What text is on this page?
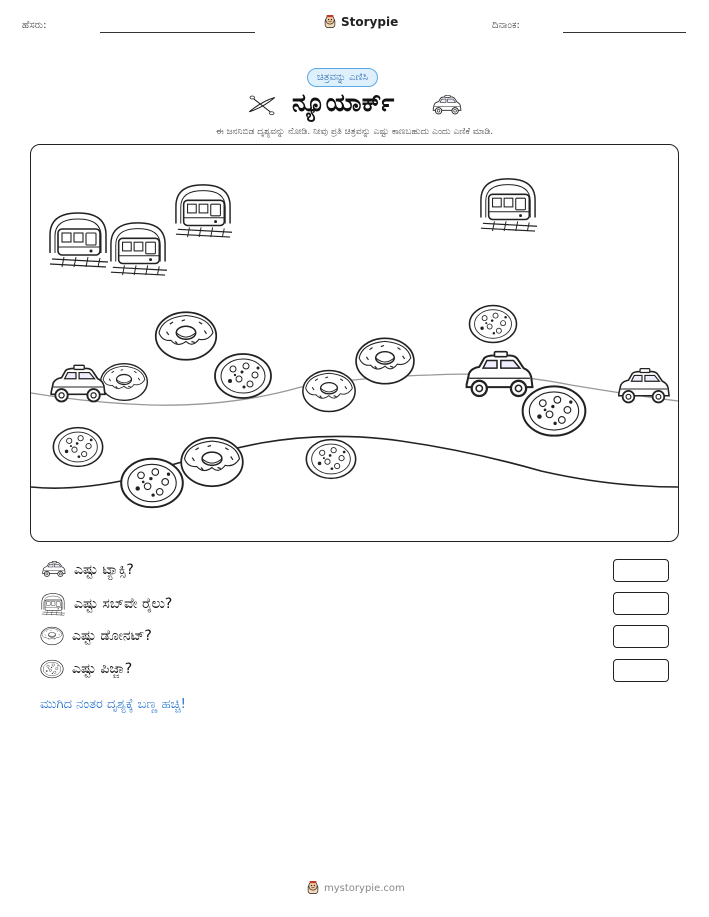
ಹೆಸರು:	Storypie	ದಿನಾಂಕ:
ಚಿತ್ರವನ್ನು ಎಣಿಸಿ
ನ್ಯೂಯಾರ್ಕ್
ಈ ಜನನಿಬಿಡ ದೃಶ್ಯವನ್ನು ನೋಡಿ. ನೀವು ಪ್ರತಿ ಚಿತ್ರವನ್ನು ಎಷ್ಟು ಕಾಣಬಹುದು ಎಂದು ಎಣಿಕೆ ಮಾಡಿ.
ಎಷ್ಟು ಟ್ಯಾಕ್ಸಿ?
ಎಷ್ಟು ಸಬ್‌ವೇ ರೈಲು?
ಎಷ್ಟು ಡೋನಟ್?
ಎಷ್ಟು ಪಿಜ್ಜಾ?
ಮುಗಿದ ನಂತರ ದೃಶ್ಯಕ್ಕೆ ಬಣ್ಣ ಹಚ್ಚಿ!
mystorypie.com
